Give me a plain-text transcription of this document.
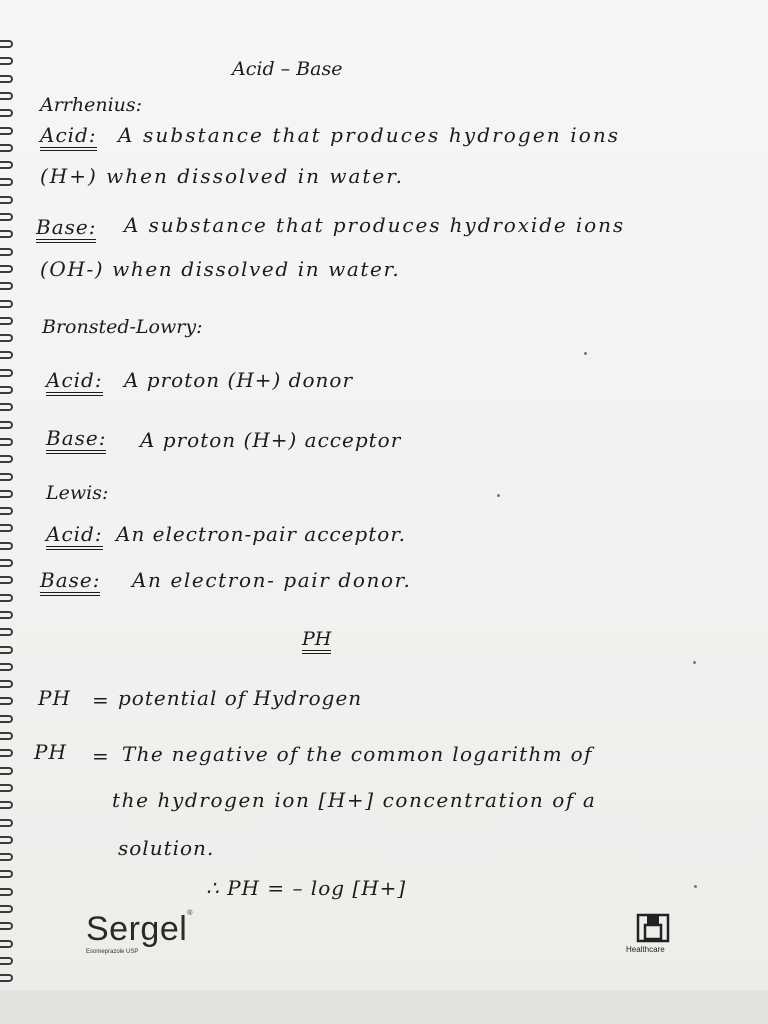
Acid – Base
Arrhenius:
Acid: A substance that produces hydrogen ions
(H+) when dissolved in water.
Base: A substance that produces hydroxide ions
(OH-) when dissolved in water.
Bronsted-Lowry:
Acid: A proton (H+) donor
Base: A proton (H+) acceptor
Lewis:
Acid: An electron-pair acceptor.
Base: An electron- pair donor.
PH
PH = potential of Hydrogen
PH = The negative of the common logarithm of
the hydrogen ion [H+] concentration of a
solution.
∴ PH = – log [H+]
Sergel®
Esomeprazole USP	Healthcare
